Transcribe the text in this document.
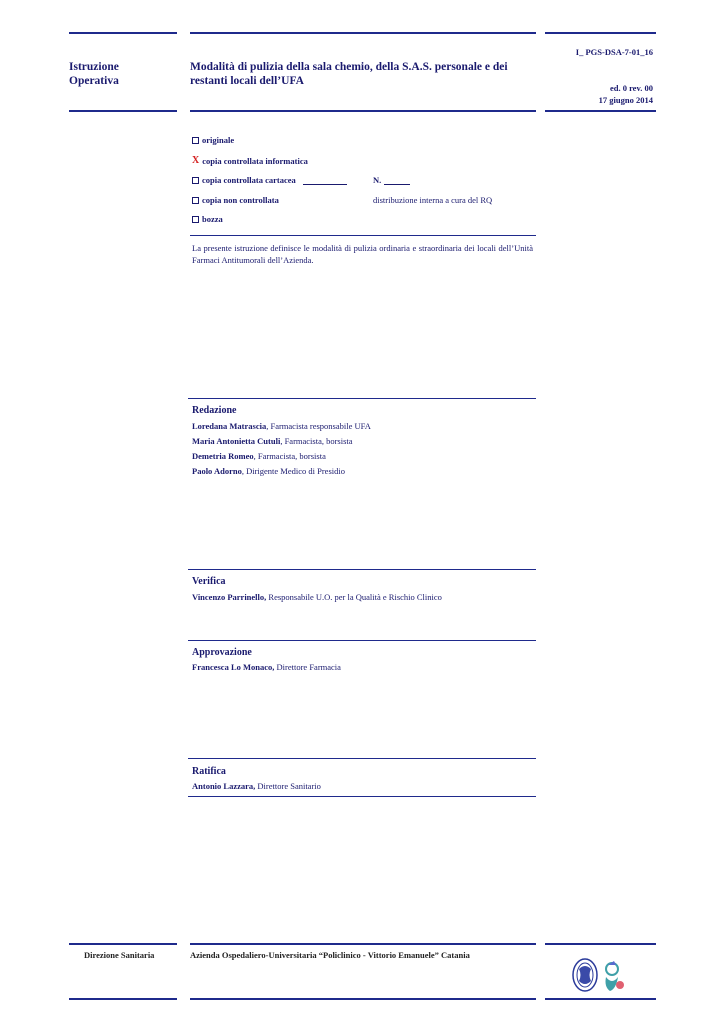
Istruzione
Operativa
Modalità di pulizia della sala chemio, della S.A.S. personale e dei
restanti locali dell’UFA
I_ PGS-DSA-7-01_16
ed. 0 rev. 00
17 giugno 2014
originale
X copia controllata informatica
copia controllata cartacea	N.
copia non controllata	distribuzione interna a cura del RQ
bozza
La presente istruzione definisce le modalità di pulizia ordinaria e straordinaria dei locali dell’Unità Farmaci Antitumorali dell’Azienda.
Redazione
Loredana Matrascia, Farmacista responsabile UFA
Maria Antonietta Cutuli, Farmacista, borsista
Demetria Romeo, Farmacista, borsista
Paolo Adorno, Dirigente Medico di Presidio
Verifica
Vincenzo Parrinello, Responsabile U.O. per la Qualità e Rischio Clinico
Approvazione
Francesca Lo Monaco, Direttore Farmacia
Ratifica
Antonio Lazzara, Direttore Sanitario
Direzione Sanitaria	Azienda Ospedaliero-Universitaria “Policlinico - Vittorio Emanuele” Catania
